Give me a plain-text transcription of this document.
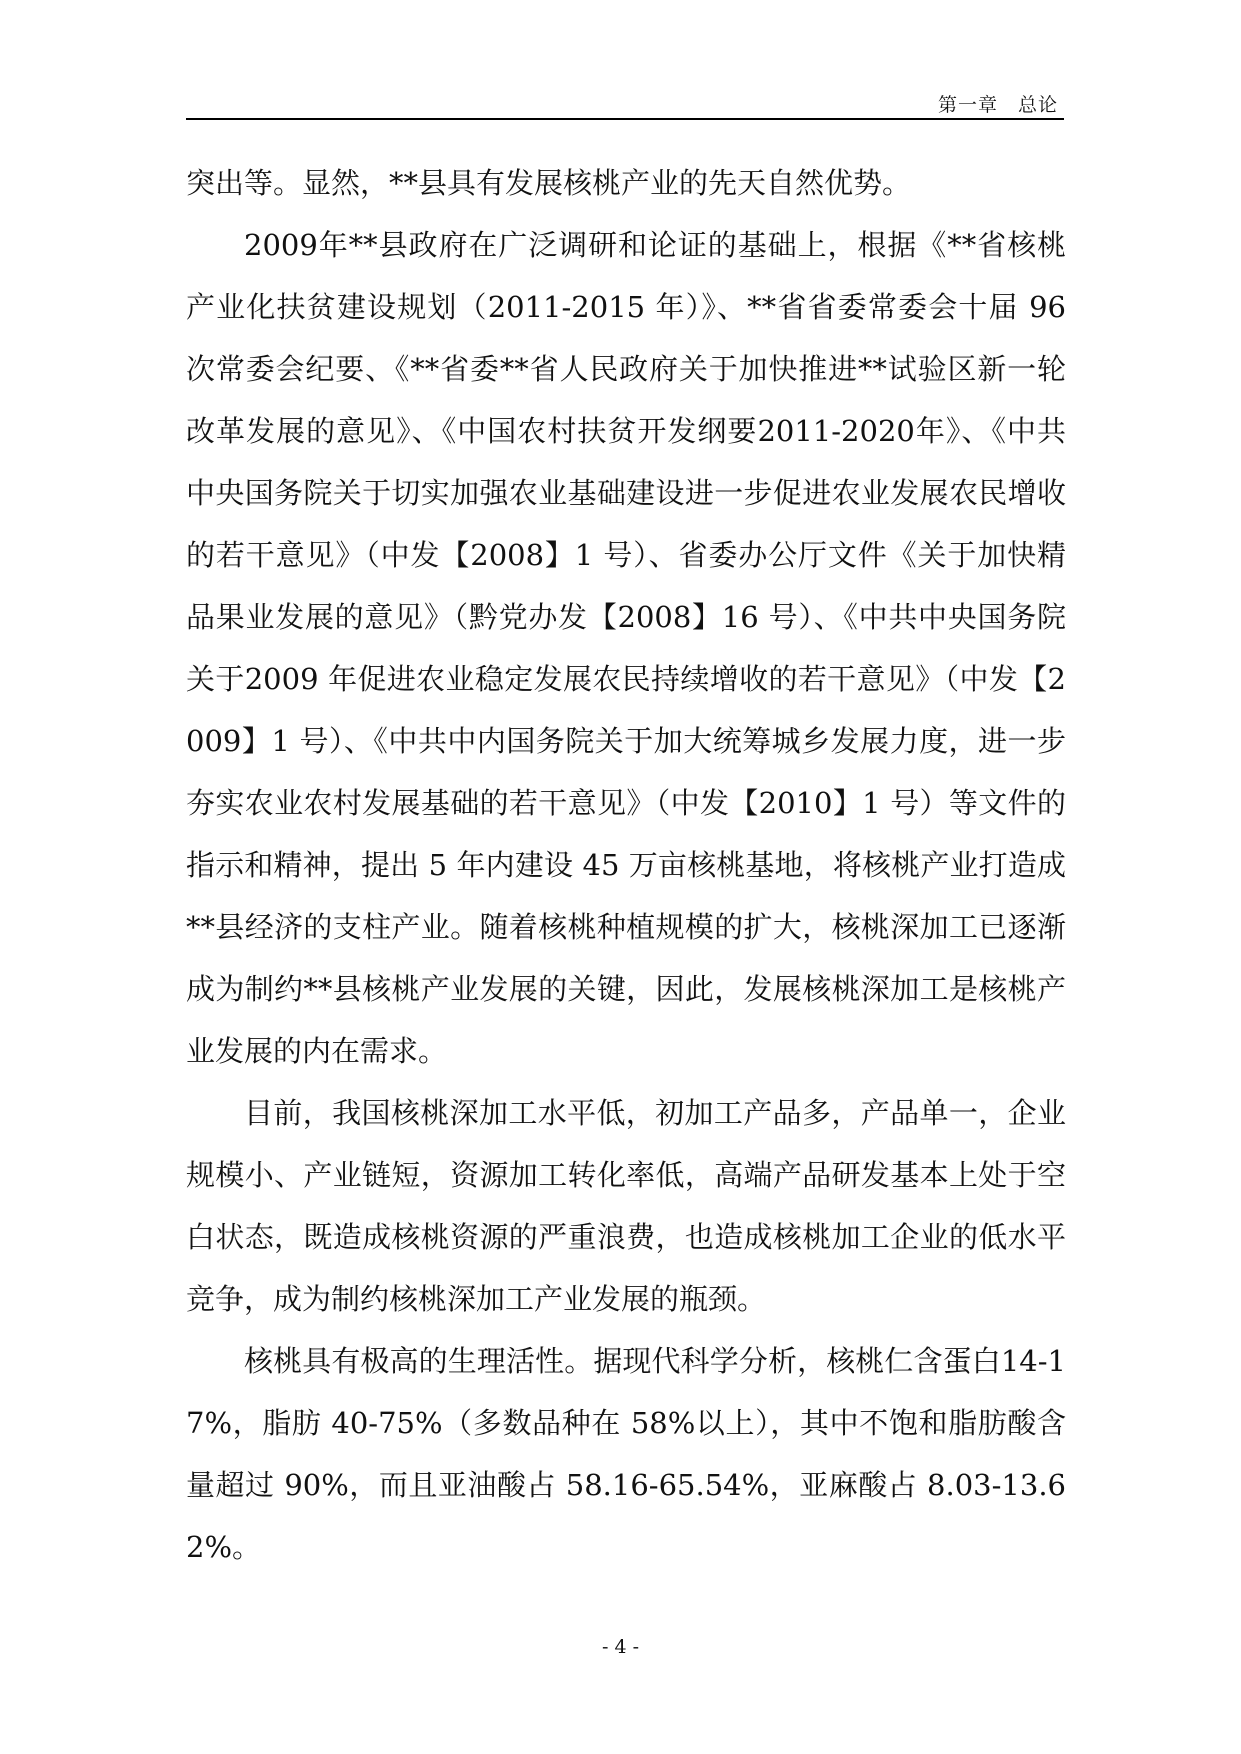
第一章　总论

突出等。显然，**县具有发展核桃产业的先天自然优势。

2009年**县政府在广泛调研和论证的基础上，根据《**省核桃产业化扶贫建设规划（2011-2015 年）》、**省省委常委会十届 96 次常委会纪要、《**省委**省人民政府关于加快推进**试验区新一轮改革发展的意见》、《中国农村扶贫开发纲要2011-2020年》、《中共中央国务院关于切实加强农业基础建设进一步促进农业发展农民增收的若干意见》（中发【2008】1 号）、省委办公厅文件《关于加快精品果业发展的意见》（黔党办发【2008】16 号）、《中共中央国务院关于2009 年促进农业稳定发展农民持续增收的若干意见》（中发【2009】1 号）、《中共中内国务院关于加大统筹城乡发展力度，进一步夯实农业农村发展基础的若干意见》（中发【2010】1 号）等文件的指示和精神，提出 5 年内建设 45 万亩核桃基地，将核桃产业打造成**县经济的支柱产业。随着核桃种植规模的扩大，核桃深加工已逐渐成为制约**县核桃产业发展的关键，因此，发展核桃深加工是核桃产业发展的内在需求。

目前，我国核桃深加工水平低，初加工产品多，产品单一，企业规模小、产业链短，资源加工转化率低，高端产品研发基本上处于空白状态，既造成核桃资源的严重浪费，也造成核桃加工企业的低水平竞争，成为制约核桃深加工产业发展的瓶颈。

核桃具有极高的生理活性。据现代科学分析，核桃仁含蛋白14-17%，脂肪 40-75%（多数品种在 58%以上），其中不饱和脂肪酸含量超过 90%，而且亚油酸占 58.16-65.54%，亚麻酸占 8.03-13.62%。

- 4 -
